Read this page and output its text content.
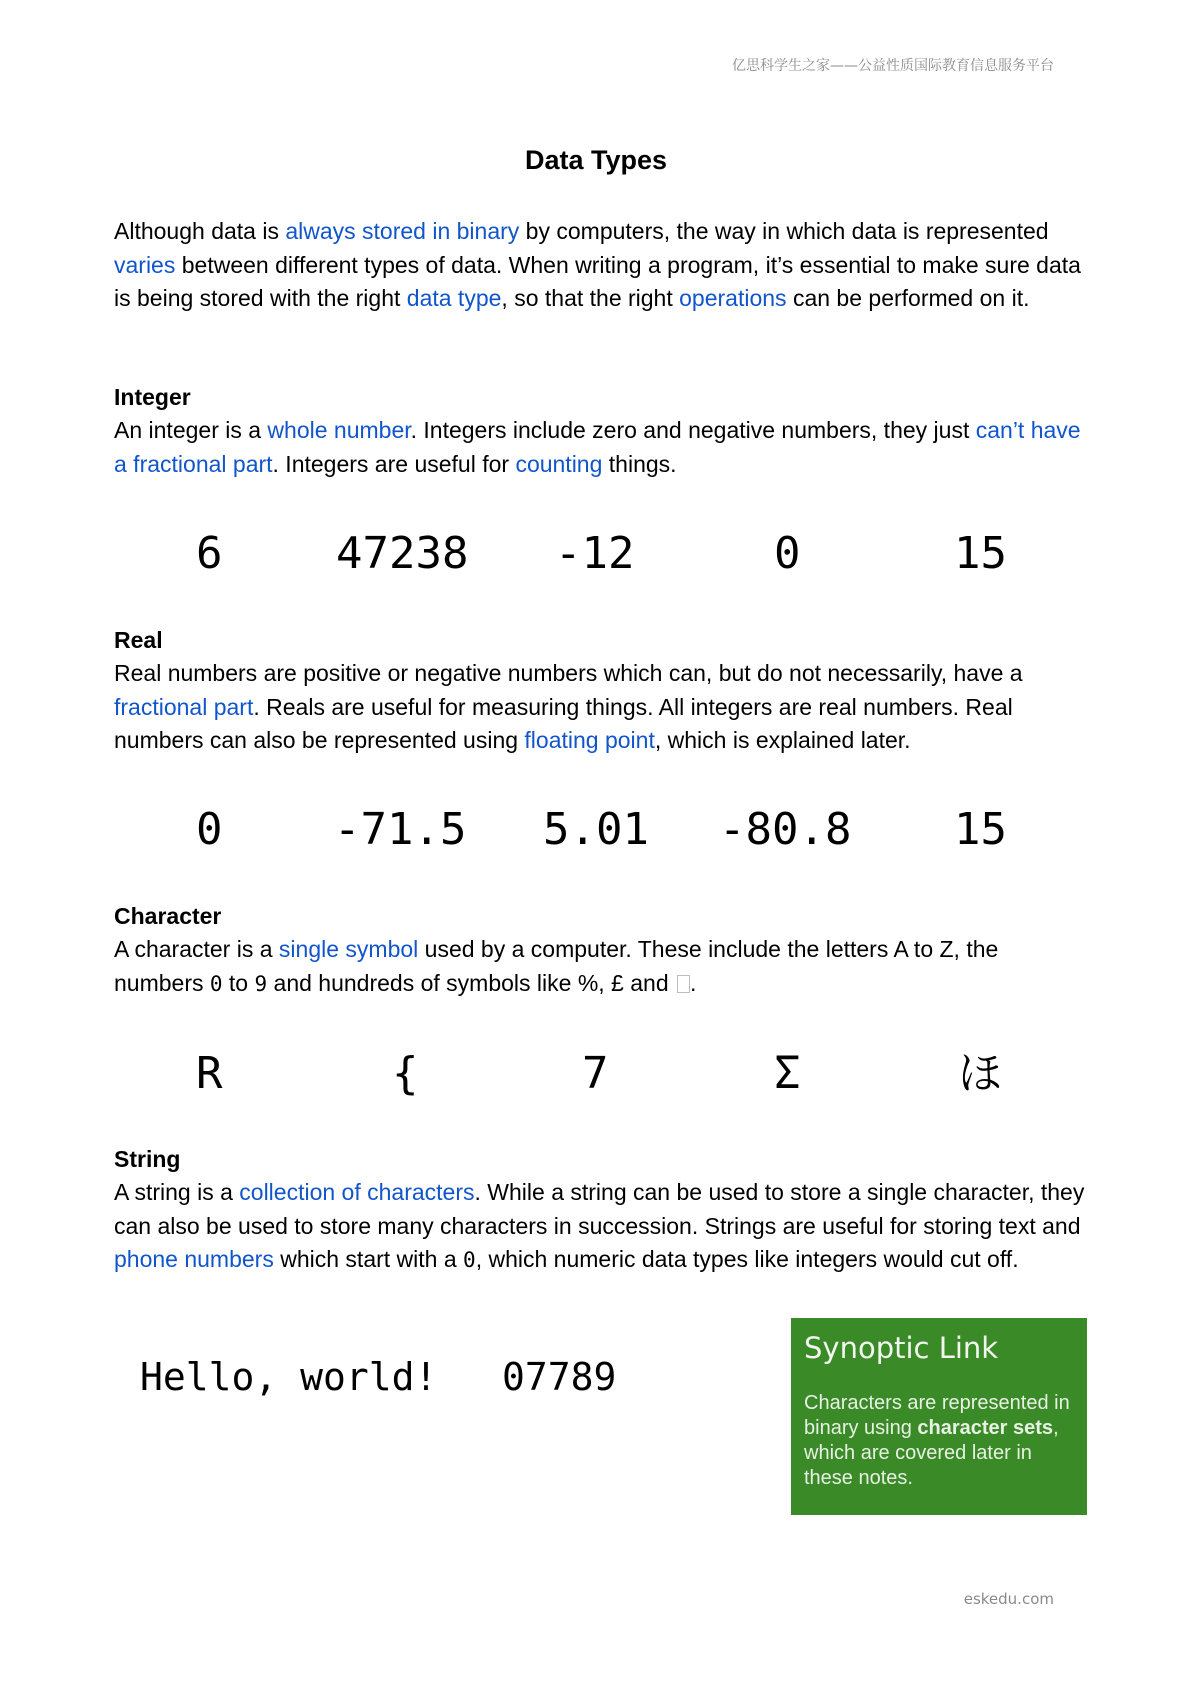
亿思科学生之家——公益性质国际教育信息服务平台
Data Types

Although data is always stored in binary by computers, the way in which data is represented varies between different types of data. When writing a program, it’s essential to make sure data is being stored with the right data type, so that the right operations can be performed on it.

Integer

An integer is a whole number. Integers include zero and negative numbers, they just can’t have a fractional part. Integers are useful for counting things.

6	47238 -12	0	15
Real

Real numbers are positive or negative numbers which can, but do not necessarily, have a fractional part. Reals are useful for measuring things. All integers are real numbers. Real numbers can also be represented using floating point, which is explained later.

0	-71.5 5.01 -80.8 15
Character

A character is a single symbol used by a computer. These include the letters A to Z, the numbers 0 to 9 and hundreds of symbols like %, £ and .

R	{	7	Σ	ほ
String

A string is a collection of characters. While a string can be used to store a single character, they can also be used to store many characters in succession. Strings are useful for storing text and phone numbers which start with a 0, which numeric data types like integers would cut off.

Hello, world! 07789
Synoptic Link
Characters are represented in binary using character sets, which are covered later in these notes.
eskedu.com
